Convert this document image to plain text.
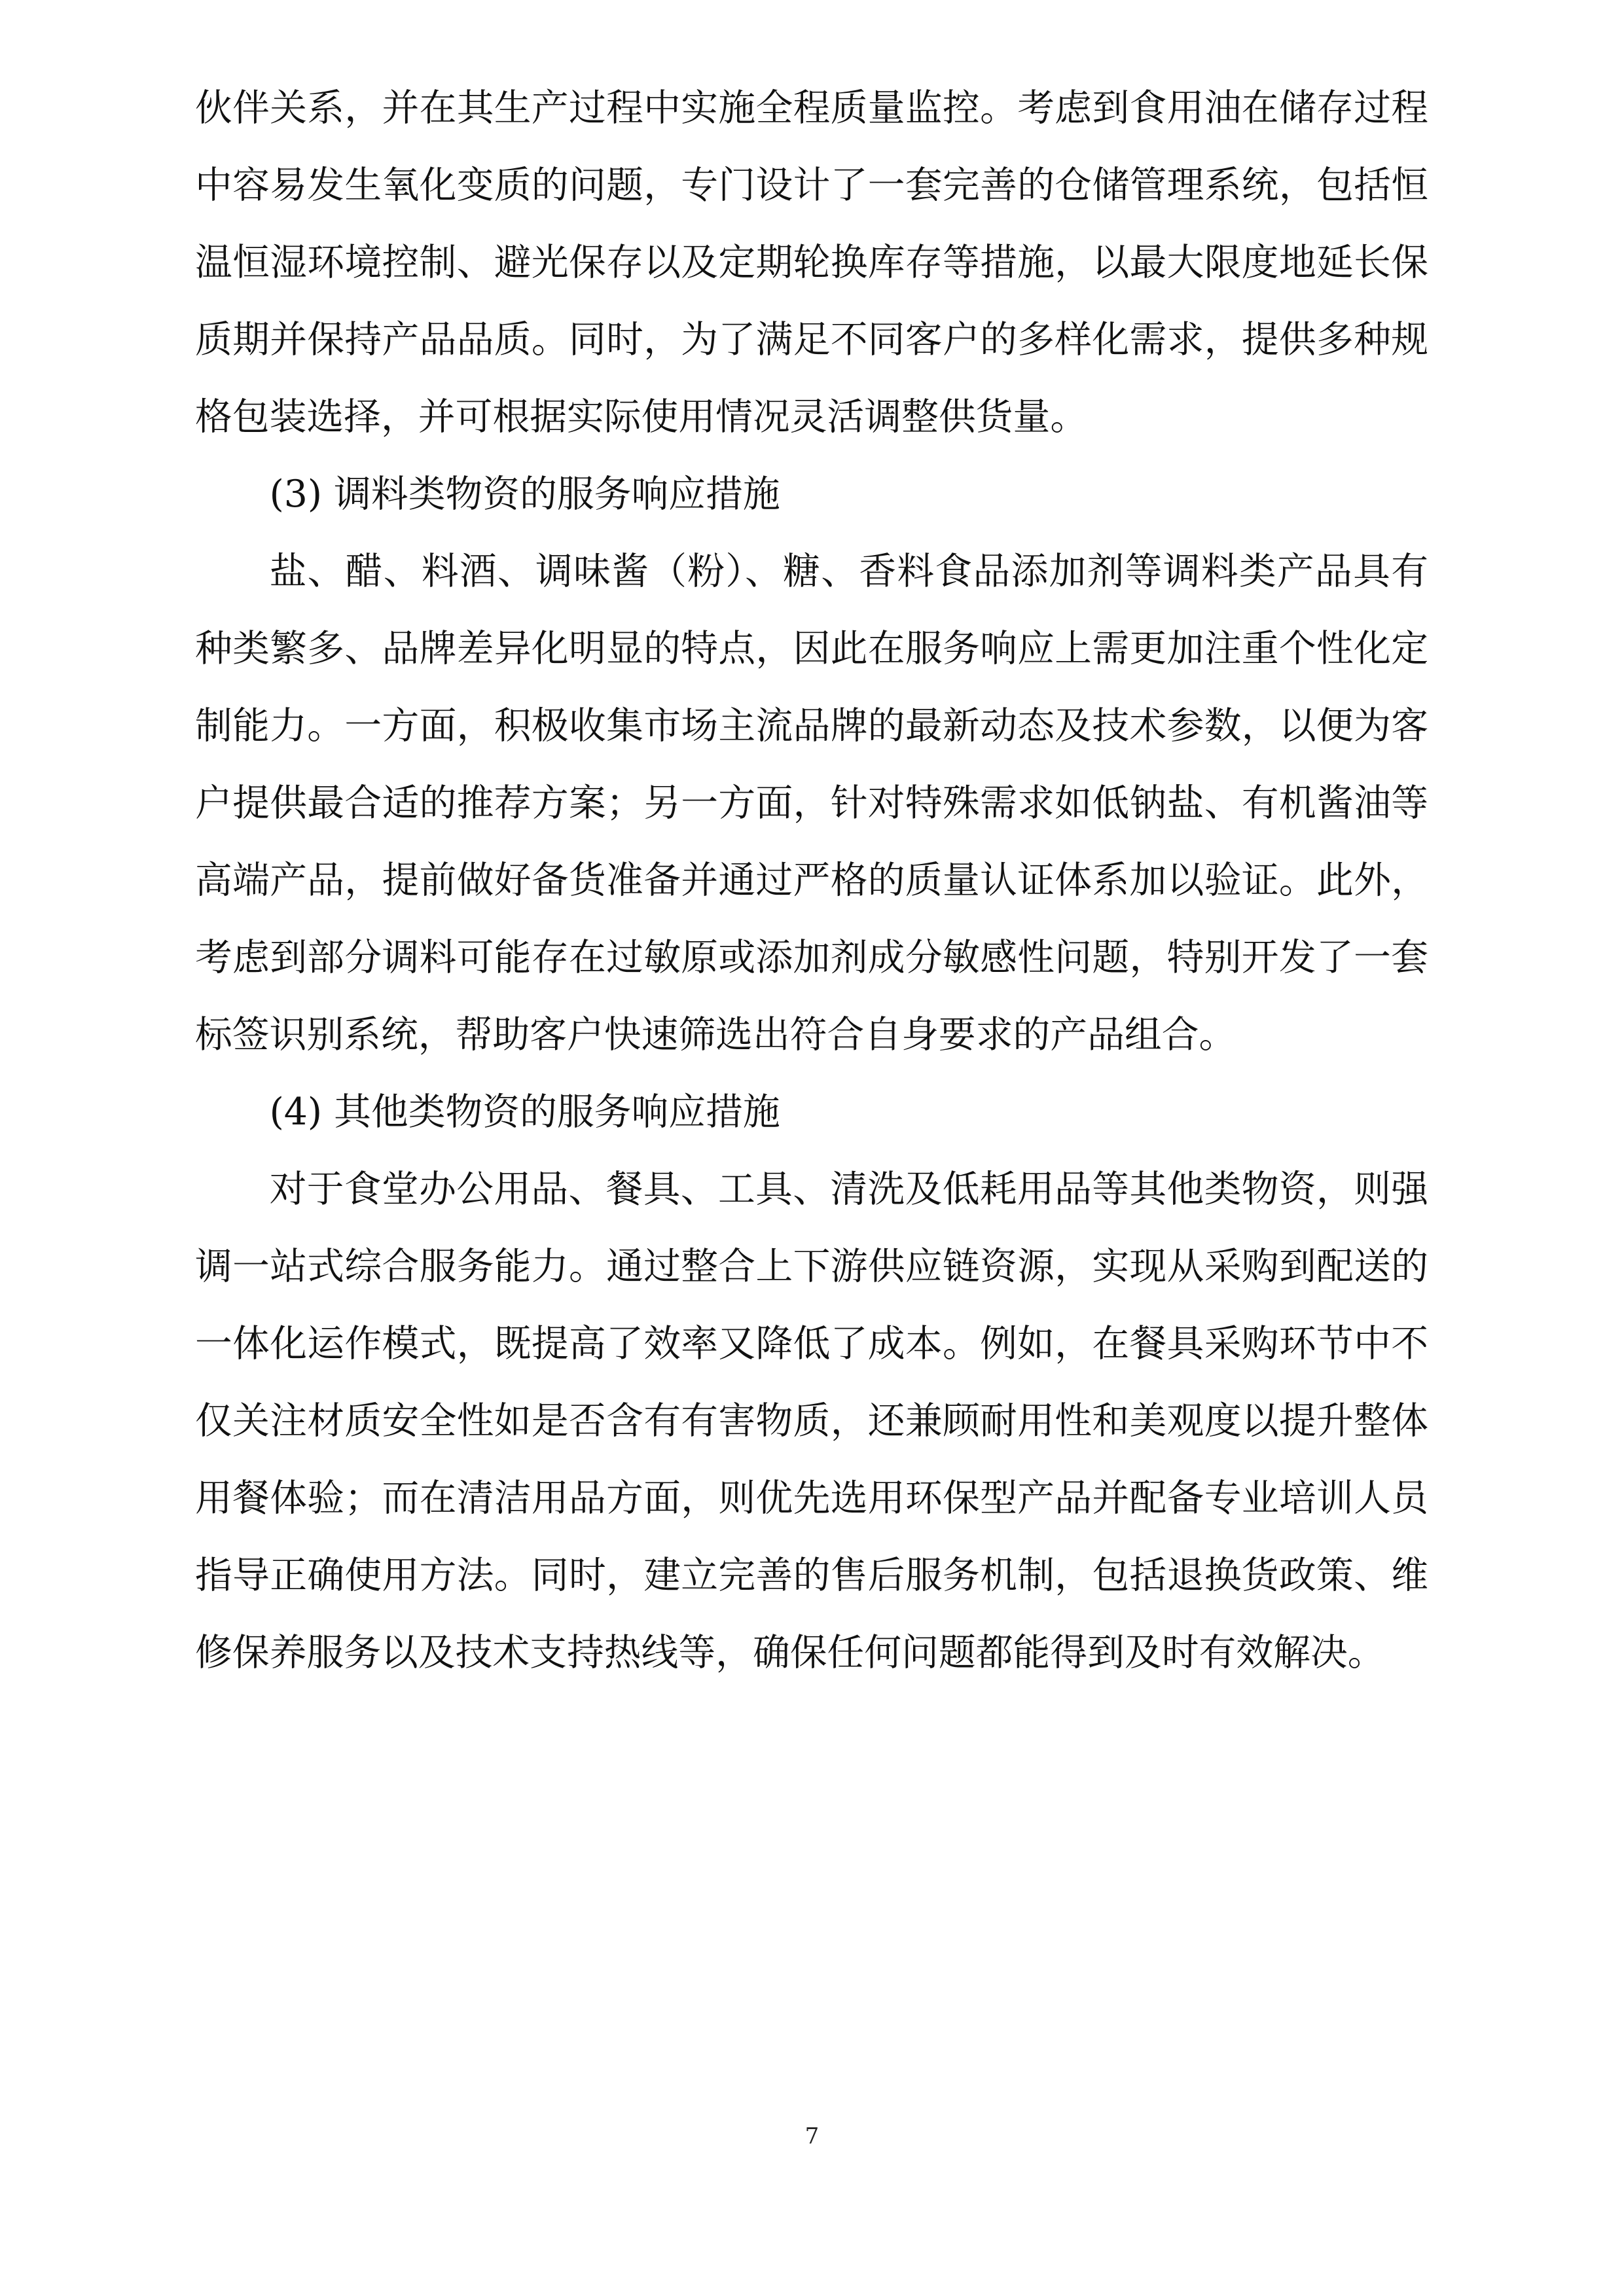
伙伴关系，并在其生产过程中实施全程质量监控。考虑到食用油在储存过程中容易发生氧化变质的问题，专门设计了一套完善的仓储管理系统，包括恒温恒湿环境控制、避光保存以及定期轮换库存等措施，以最大限度地延长保质期并保持产品品质。同时，为了满足不同客户的多样化需求，提供多种规格包装选择，并可根据实际使用情况灵活调整供货量。

(3) 调料类物资的服务响应措施

盐、醋、料酒、调味酱（粉）、糖、香料食品添加剂等调料类产品具有种类繁多、品牌差异化明显的特点，因此在服务响应上需更加注重个性化定制能力。一方面，积极收集市场主流品牌的最新动态及技术参数，以便为客户提供最合适的推荐方案；另一方面，针对特殊需求如低钠盐、有机酱油等高端产品，提前做好备货准备并通过严格的质量认证体系加以验证。此外，考虑到部分调料可能存在过敏原或添加剂成分敏感性问题，特别开发了一套标签识别系统，帮助客户快速筛选出符合自身要求的产品组合。

(4) 其他类物资的服务响应措施

对于食堂办公用品、餐具、工具、清洗及低耗用品等其他类物资，则强调一站式综合服务能力。通过整合上下游供应链资源，实现从采购到配送的一体化运作模式，既提高了效率又降低了成本。例如，在餐具采购环节中不仅关注材质安全性如是否含有有害物质，还兼顾耐用性和美观度以提升整体用餐体验；而在清洁用品方面，则优先选用环保型产品并配备专业培训人员指导正确使用方法。同时，建立完善的售后服务机制，包括退换货政策、维修保养服务以及技术支持热线等，确保任何问题都能得到及时有效解决。

7
